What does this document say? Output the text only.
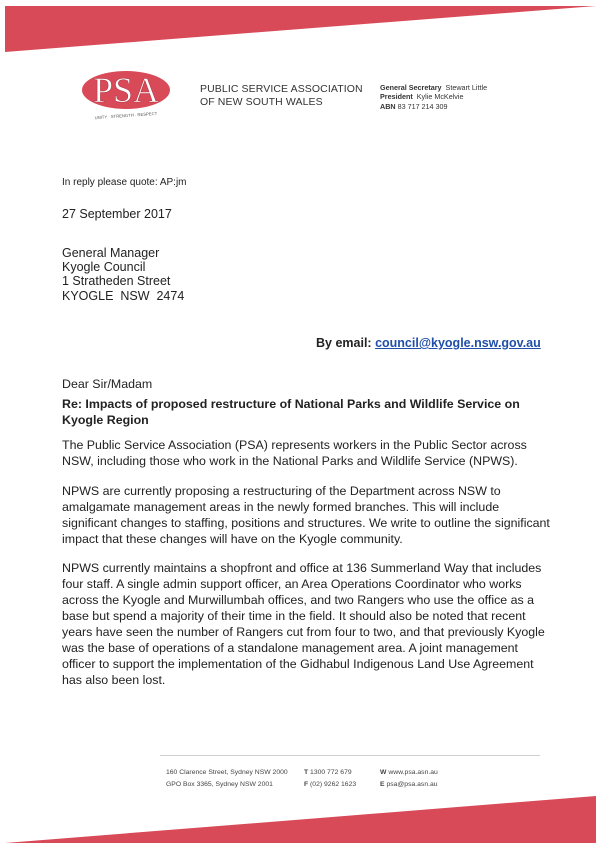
PSA
UNITY · STRENGTH · RESPECT
PUBLIC SERVICE ASSOCIATION
OF NEW SOUTH WALES
General Secretary Stewart Little
President Kylie McKelvie
ABN 83 717 214 309
In reply please quote: AP:jm
27 September 2017
General Manager
Kyogle Council
1 Stratheden Street
KYOGLE  NSW  2474
By email: council@kyogle.nsw.gov.au
Dear Sir/Madam
Re: Impacts of proposed restructure of National Parks and Wildlife Service on Kyogle Region
The Public Service Association (PSA) represents workers in the Public Sector across NSW, including those who work in the National Parks and Wildlife Service (NPWS).
NPWS are currently proposing a restructuring of the Department across NSW to amalgamate management areas in the newly formed branches. This will include significant changes to staffing, positions and structures. We write to outline the significant impact that these changes will have on the Kyogle community.
NPWS currently maintains a shopfront and office at 136 Summerland Way that includes four staff. A single admin support officer, an Area Operations Coordinator who works across the Kyogle and Murwillumbah offices, and two Rangers who use the office as a base but spend a majority of their time in the field. It should also be noted that recent years have seen the number of Rangers cut from four to two, and that previously Kyogle was the base of operations of a standalone management area. A joint management officer to support the implementation of the Gidhabul Indigenous Land Use Agreement has also been lost.
160 Clarence Street, Sydney NSW 2000
GPO Box 3365, Sydney NSW 2001
T 1300 772 679
F (02) 9262 1623
W www.psa.asn.au
E psa@psa.asn.au
